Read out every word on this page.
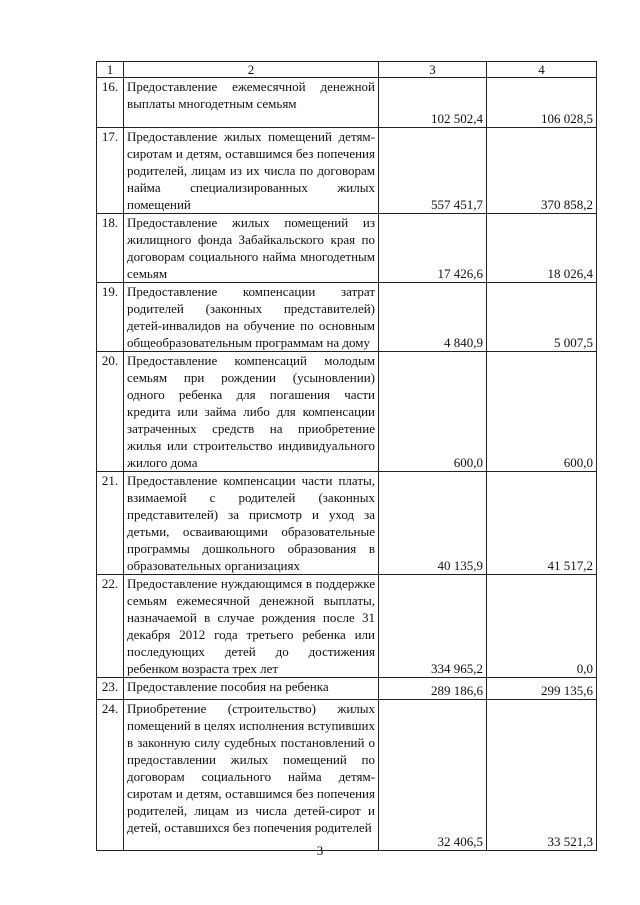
1	2	3	4
16.	Предоставление ежемесячной денежной выплаты многодетным семьям	102 502,4	106 028,5
17.	Предоставление жилых помещений детям-сиротам и детям, оставшимся без попечения родителей, лицам из их числа по договорам найма специализированных жилых помещений	557 451,7	370 858,2
18.	Предоставление жилых помещений из жилищного фонда Забайкальского края по договорам социального найма многодетным семьям	17 426,6	18 026,4
19.	Предоставление компенсации затрат родителей (законных представителей) детей-инвалидов на обучение по основным общеобразовательным программам на дому	4 840,9	5 007,5
20.	Предоставление компенсаций молодым семьям при рождении (усыновлении) одного ребенка для погашения части кредита или займа либо для компенсации затраченных средств на приобретение жилья или строительство индивидуального жилого дома	600,0	600,0
21.	Предоставление компенсации части платы, взимаемой с родителей (законных представителей) за присмотр и уход за детьми, осваивающими образовательные программы дошкольного образования в образовательных организациях	40 135,9	41 517,2
22.	Предоставление нуждающимся в поддержке семьям ежемесячной денежной выплаты, назначаемой в случае рождения после 31 декабря 2012 года третьего ребенка или последующих детей до достижения ребенком возраста трех лет	334 965,2	0,0
23.	Предоставление пособия на ребенка	289 186,6	299 135,6
24.	Приобретение (строительство) жилых помещений в целях исполнения вступивших в законную силу судебных постановлений о предоставлении жилых помещений по договорам социального найма детям-сиротам и детям, оставшимся без попечения родителей, лицам из числа детей-сирот и детей, оставшихся без попечения родителей	32 406,5	33 521,3
3
